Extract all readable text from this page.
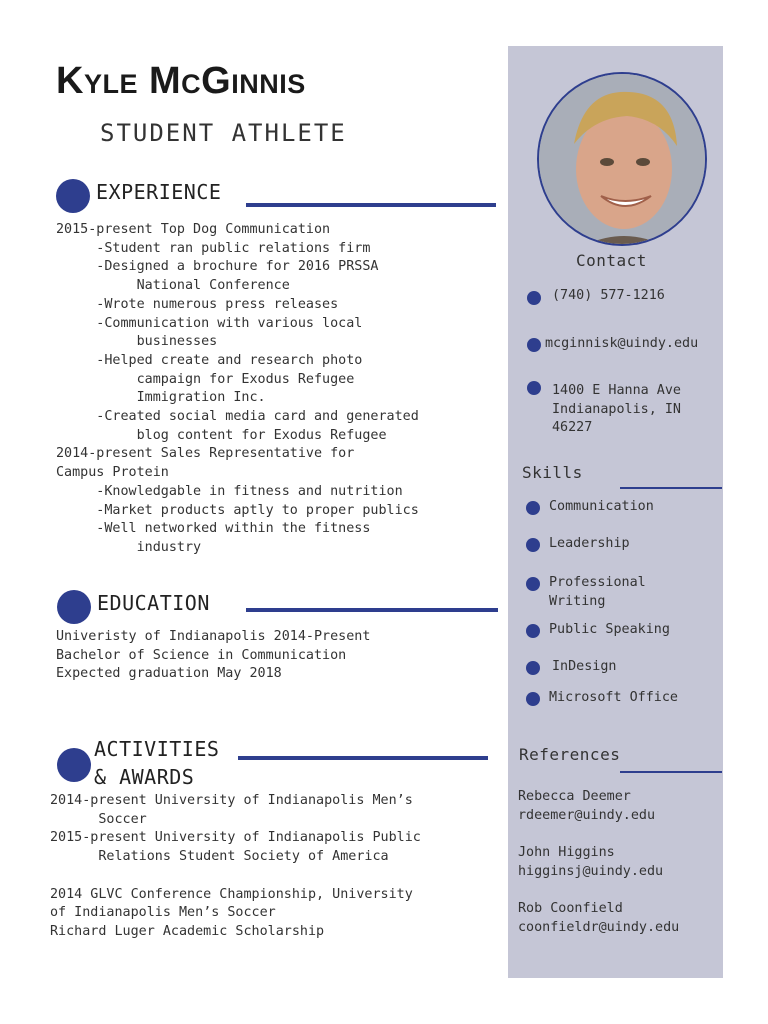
Kyle McGinnis
STUDENT ATHLETE
EXPERIENCE
2015-present Top Dog Communication
-Student ran public relations firm
-Designed a brochure for 2016 PRSSA
National Conference
-Wrote numerous press releases
-Communication with various local
businesses
-Helped create and research photo
campaign for Exodus Refugee
Immigration Inc.
-Created social media card and generated
blog content for Exodus Refugee
2014-present Sales Representative for
Campus Protein
-Knowledgable in fitness and nutrition
-Market products aptly to proper publics
-Well networked within the fitness
industry
EDUCATION
Univeristy of Indianapolis 2014-Present
Bachelor of Science in Communication
Expected graduation May 2018
ACTIVITIES
& AWARDS
2014-present University of Indianapolis Men’s
Soccer
2015-present University of Indianapolis Public
Relations Student Society of America

2014 GLVC Conference Championship, University
of Indianapolis Men’s Soccer
Richard Luger Academic Scholarship
Contact
(740) 577-1216
mcginnisk@uindy.edu
1400 E Hanna Ave
Indianapolis, IN
46227
Skills
Communication
Leadership
Professional
Writing
Public Speaking
InDesign
Microsoft Office
References
Rebecca Deemer
rdeemer@uindy.edu
John Higgins
higginsj@uindy.edu
Rob Coonfield
coonfieldr@uindy.edu
